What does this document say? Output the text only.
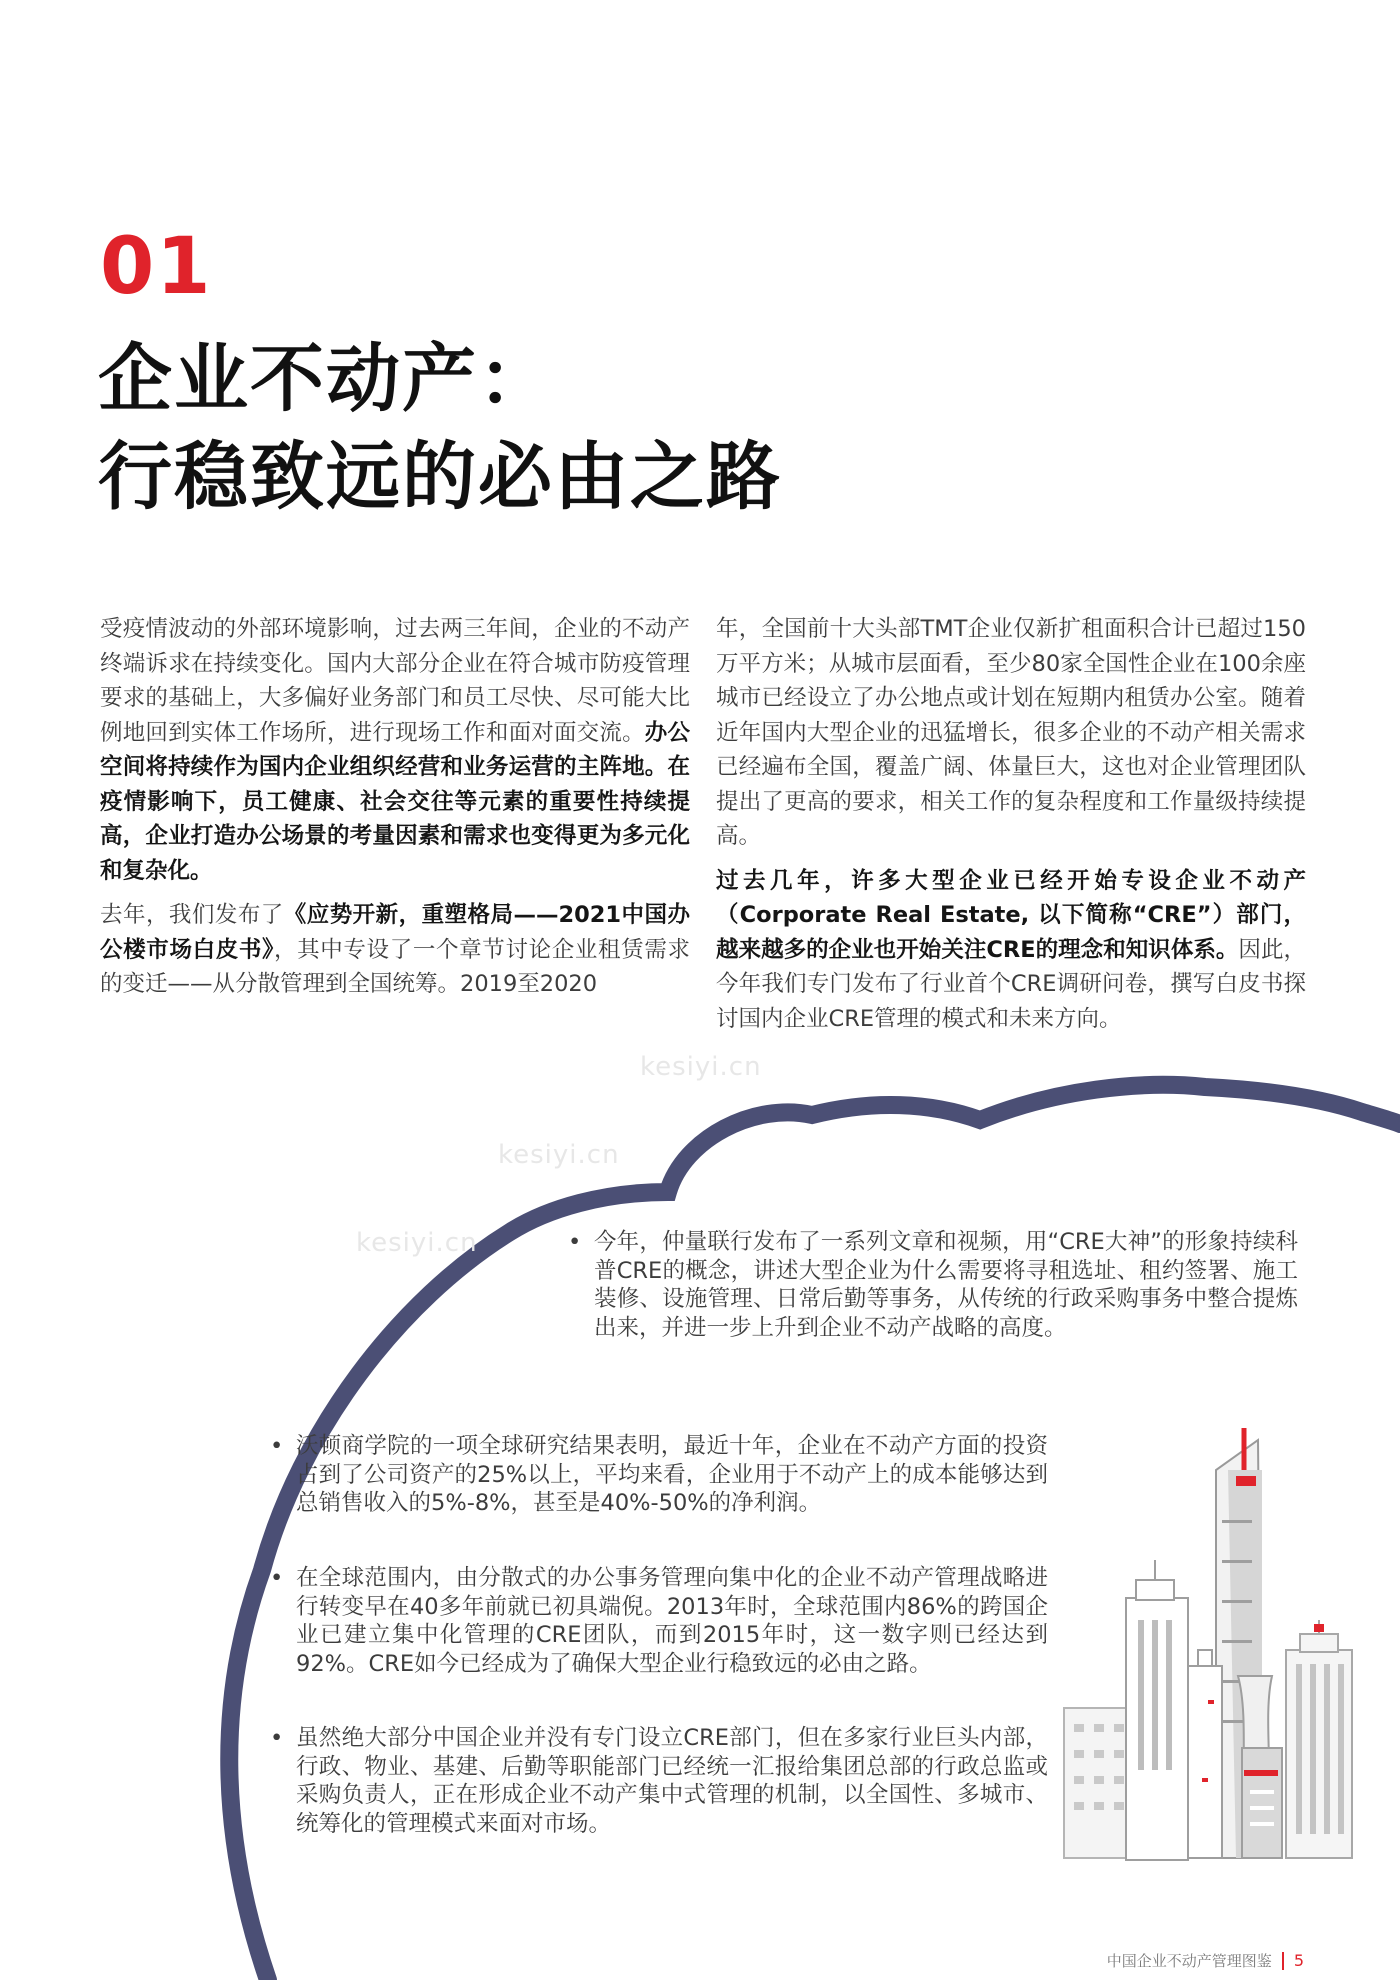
kesiyi.cn
kesiyi.cn
kesiyi.cn
01
企业不动产：
行稳致远的必由之路

受疫情波动的外部环境影响，过去两三年间，企业的不动产终端诉求在持续变化。国内大部分企业在符合城市防疫管理要求的基础上，大多偏好业务部门和员工尽快、尽可能大比例地回到实体工作场所，进行现场工作和面对面交流。办公空间将持续作为国内企业组织经营和业务运营的主阵地。在疫情影响下，员工健康、社会交往等元素的重要性持续提高，企业打造办公场景的考量因素和需求也变得更为多元化和复杂化。

去年，我们发布了《应势开新，重塑格局——2021中国办公楼市场白皮书》，其中专设了一个章节讨论企业租赁需求的变迁——从分散管理到全国统筹。2019至2020

年，全国前十大头部TMT企业仅新扩租面积合计已超过150万平方米；从城市层面看，至少80家全国性企业在100余座城市已经设立了办公地点或计划在短期内租赁办公室。随着近年国内大型企业的迅猛增长，很多企业的不动产相关需求已经遍布全国，覆盖广阔、体量巨大，这也对企业管理团队提出了更高的要求，相关工作的复杂程度和工作量级持续提高。

过去几年，许多大型企业已经开始专设企业不动产（Corporate Real Estate, 以下简称“CRE”）部门，越来越多的企业也开始关注CRE的理念和知识体系。因此，今年我们专门发布了行业首个CRE调研问卷，撰写白皮书探讨国内企业CRE管理的模式和未来方向。

• 今年，仲量联行发布了一系列文章和视频，用“CRE大神”的形象持续科普CRE的概念，讲述大型企业为什么需要将寻租选址、租约签署、施工装修、设施管理、日常后勤等事务，从传统的行政采购事务中整合提炼出来，并进一步上升到企业不动产战略的高度。
• 沃顿商学院的一项全球研究结果表明，最近十年，企业在不动产方面的投资占到了公司资产的25%以上，平均来看，企业用于不动产上的成本能够达到总销售收入的5%-8%，甚至是40%-50%的净利润。
• 在全球范围内，由分散式的办公事务管理向集中化的企业不动产管理战略进行转变早在40多年前就已初具端倪。2013年时，全球范围内86%的跨国企业已建立集中化管理的CRE团队，而到2015年时，这一数字则已经达到92%。CRE如今已经成为了确保大型企业行稳致远的必由之路。
• 虽然绝大部分中国企业并没有专门设立CRE部门，但在多家行业巨头内部，行政、物业、基建、后勤等职能部门已经统一汇报给集团总部的行政总监或采购负责人，正在形成企业不动产集中式管理的机制，以全国性、多城市、统筹化的管理模式来面对市场。
中国企业不动产管理图鉴 5
